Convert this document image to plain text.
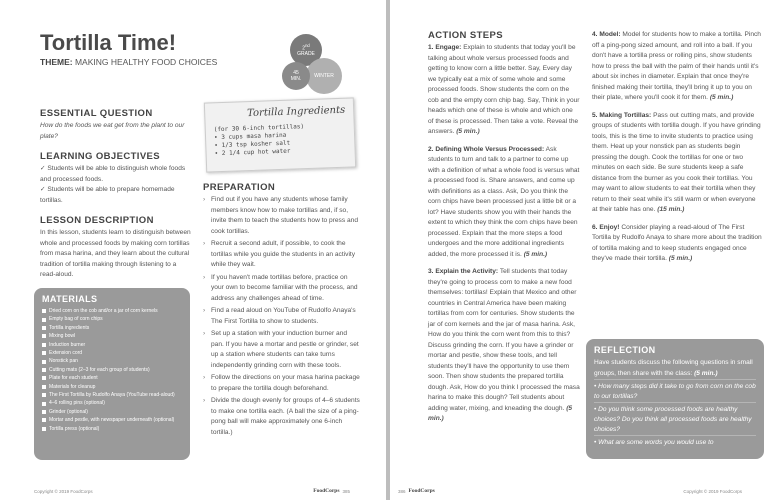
Tortilla Time!
THEME: MAKING HEALTHY FOOD CHOICES
2nd
GRADE
WINTER
45
MIN.
ESSENTIAL QUESTION
How do the foods we eat get from the plant to our plate?
LEARNING OBJECTIVES
✓ Students will be able to distinguish whole foods and processed foods.
✓ Students will be able to prepare homemade tortillas.
LESSON DESCRIPTION
In this lesson, students learn to distinguish between whole and processed foods by making corn tortillas from masa harina, and they learn about the cultural tradition of tortilla making through listening to a read-aloud.
MATERIALS
Dried corn on the cob and/or a jar of corn kernels
Empty bag of corn chips
Tortilla ingredients
Mixing bowl
Induction burner
Extension cord
Nonstick pan
Cutting mats (2–3 for each group of students)
Plate for each student
Materials for cleanup
The First Tortilla by Rudolfo Anaya (YouTube read-aloud)
4–6 rolling pins (optional)
Grinder (optional)
Mortar and pestle, with newspaper underneath (optional)
Tortilla press (optional)
Tortilla Ingredients
(for 30 6-inch tortillas)
• 3 cups masa harina
• 1/3 tsp kosher salt
• 2 1/4 cup hot water
PREPARATION
› Find out if you have any students whose family members know how to make tortillas and, if so, invite them to teach the students how to press and cook tortillas.
› Recruit a second adult, if possible, to cook the tortillas while you guide the students in an activity while they wait.
› If you haven't made tortillas before, practice on your own to become familiar with the process, and address any challenges ahead of time.
› Find a read aloud on YouTube of Rudolfo Anaya's The First Tortilla to show to students.
› Set up a station with your induction burner and pan. If you have a mortar and pestle or grinder, set up a station where students can take turns independently grinding corn with these tools.
› Follow the directions on your masa harina package to prepare the tortilla dough beforehand.
› Divide the dough evenly for groups of 4–6 students to make one tortilla each. (A ball the size of a ping-pong ball will make approximately one 6-inch tortilla.)
Copyright © 2019 FoodCorps	FoodCorps 385
ACTION STEPS
1. Engage: Explain to students that today you'll be talking about whole versus processed foods and getting to know corn a little better. Say, Every day we typically eat a mix of some whole and some processed foods. Show students the corn on the cob and the empty corn chip bag. Say, Think in your heads which one of these is whole and which one of these is processed. Then take a vote. Reveal the answers. (5 min.)
2. Defining Whole Versus Processed: Ask students to turn and talk to a partner to come up with a definition of what a whole food is versus what a processed food is. Share answers, and come up with definitions as a class. Ask, Do you think the corn chips have been processed just a little bit or a lot? Have students show you with their hands the extent to which they think the corn chips have been processed. Explain that the more steps a food undergoes and the more additional ingredients added, the more processed it is. (5 min.)
3. Explain the Activity: Tell students that today they're going to process corn to make a new food themselves: tortillas! Explain that Mexico and other countries in Central America have been making tortillas from corn for centuries. Show students the jar of corn kernels and the jar of masa harina. Ask, How do you think the corn went from this to this? Discuss grinding the corn. If you have a grinder or mortar and pestle, show these tools, and tell students they'll have the opportunity to use them soon. Then show students the prepared tortilla dough. Ask, How do you think I processed the masa harina to make this dough? Tell students about adding water, mixing, and kneading the dough. (5 min.)
4. Model: Model for students how to make a tortilla. Pinch off a ping-pong sized amount, and roll into a ball. If you don't have a tortilla press or rolling pins, show students how to press the ball with the palm of their hands until it's about six inches in diameter. Explain that once they're finished making their tortilla, they'll bring it up to you on their plate, where you'll cook it for them. (5 min.)
5. Making Tortillas: Pass out cutting mats, and provide groups of students with tortilla dough. If you have grinding tools, this is the time to invite students to practice using them. Heat up your nonstick pan as students begin pressing the dough. Cook the tortillas for one or two minutes on each side. Be sure students keep a safe distance from the burner as you cook their tortillas. You may want to allow students to eat their tortilla when they return to their seat while it's still warm or when everyone at their table has one. (15 min.)
6. Enjoy! Consider playing a read-aloud of The First Tortilla by Rudolfo Anaya to share more about the tradition of tortilla making and to keep students engaged once they've made their tortilla. (5 min.)
REFLECTION
Have students discuss the following questions in small groups, then share with the class: (5 min.)
• How many steps did it take to go from corn on the cob to our tortillas?
• Do you think some processed foods are healthy choices? Do you think all processed foods are healthy choices?
• What are some words you would use to
386 FoodCorps	Copyright © 2019 FoodCorps
